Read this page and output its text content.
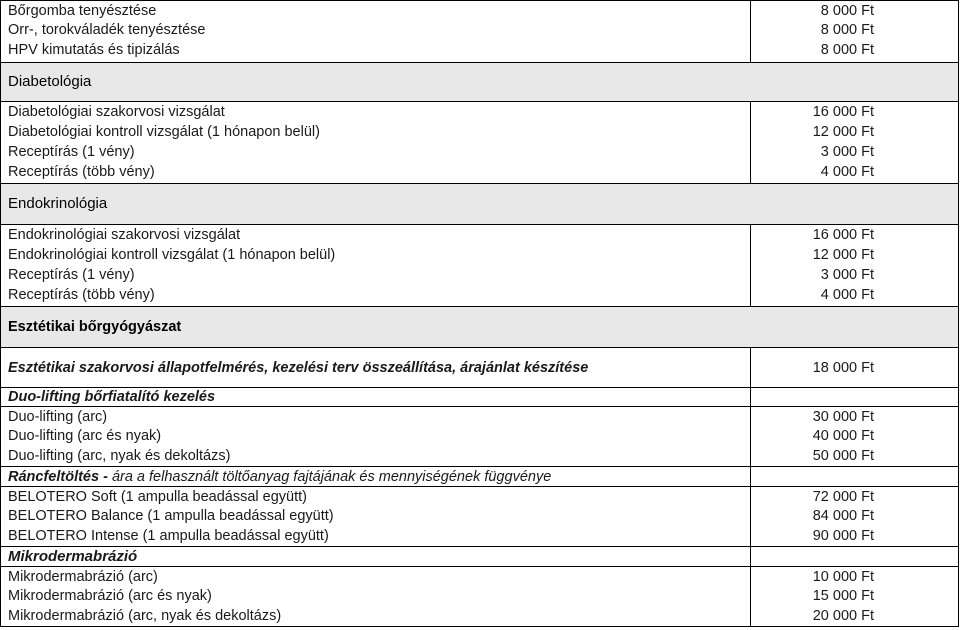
Bőrgomba tenyésztése	8 000 Ft
Orr-, torokváladék tenyésztése	8 000 Ft
HPV kimutatás és tipizálás	8 000 Ft
Diabetológia
Diabetológiai szakorvosi vizsgálat	16 000 Ft
Diabetológiai kontroll vizsgálat (1 hónapon belül)	12 000 Ft
Receptírás (1 vény)	3 000 Ft
Receptírás (több vény)	4 000 Ft
Endokrinológia
Endokrinológiai szakorvosi vizsgálat	16 000 Ft
Endokrinológiai kontroll vizsgálat (1 hónapon belül)	12 000 Ft
Receptírás (1 vény)	3 000 Ft
Receptírás (több vény)	4 000 Ft
Esztétikai bőrgyógyászat
Esztétikai szakorvosi állapotfelmérés, kezelési terv összeállítása, árajánlat készítése	18 000 Ft
Duo-lifting bőrfiatalító kezelés
Duo-lifting (arc)	30 000 Ft
Duo-lifting (arc és nyak)	40 000 Ft
Duo-lifting (arc, nyak és dekoltázs)	50 000 Ft
Ráncfeltöltés - ára a felhasznált töltőanyag fajtájának és mennyiségének függvénye
BELOTERO Soft (1 ampulla beadással együtt)	72 000 Ft
BELOTERO Balance (1 ampulla beadással együtt)	84 000 Ft
BELOTERO Intense (1 ampulla beadással együtt)	90 000 Ft
Mikrodermabrázió
Mikrodermabrázió (arc)	10 000 Ft
Mikrodermabrázió (arc és nyak)	15 000 Ft
Mikrodermabrázió (arc, nyak és dekoltázs)	20 000 Ft
